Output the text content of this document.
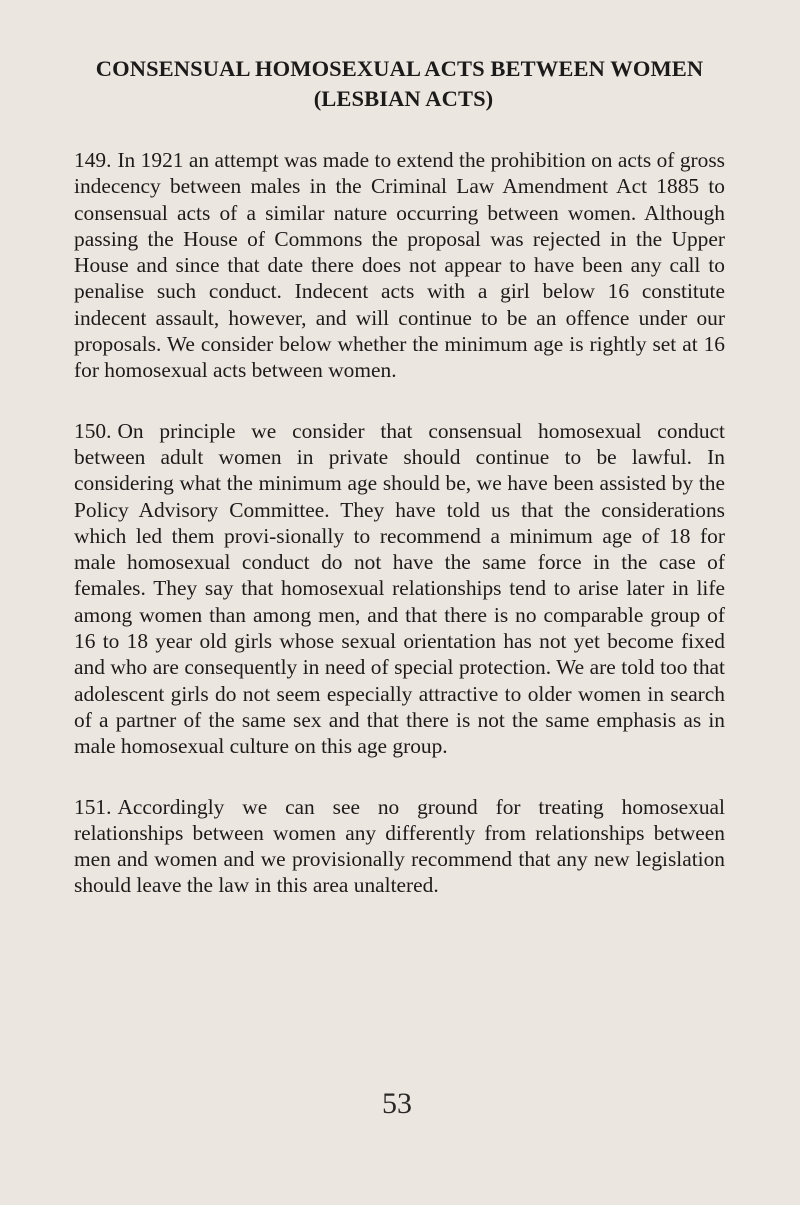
CONSENSUAL HOMOSEXUAL ACTS BETWEEN WOMEN
(LESBIAN ACTS)

149. In 1921 an attempt was made to extend the prohibition on acts of gross indecency between males in the Criminal Law Amendment Act 1885 to consensual acts of a similar nature occurring between women. Although passing the House of Commons the proposal was rejected in the Upper House and since that date there does not appear to have been any call to penalise such conduct. Indecent acts with a girl below 16 constitute indecent assault, however, and will continue to be an offence under our proposals. We consider below whether the minimum age is rightly set at 16 for homosexual acts between women.

150. On principle we consider that consensual homosexual conduct between adult women in private should continue to be lawful. In considering what the minimum age should be, we have been assisted by the Policy Advisory Committee. They have told us that the considerations which led them provi-sionally to recommend a minimum age of 18 for male homosexual conduct do not have the same force in the case of females. They say that homosexual relationships tend to arise later in life among women than among men, and that there is no comparable group of 16 to 18 year old girls whose sexual orientation has not yet become fixed and who are consequently in need of special protection. We are told too that adolescent girls do not seem especially attractive to older women in search of a partner of the same sex and that there is not the same emphasis as in male homosexual culture on this age group.

151. Accordingly we can see no ground for treating homosexual relationships between women any differently from relationships between men and women and we provisionally recommend that any new legislation should leave the law in this area unaltered.

53
